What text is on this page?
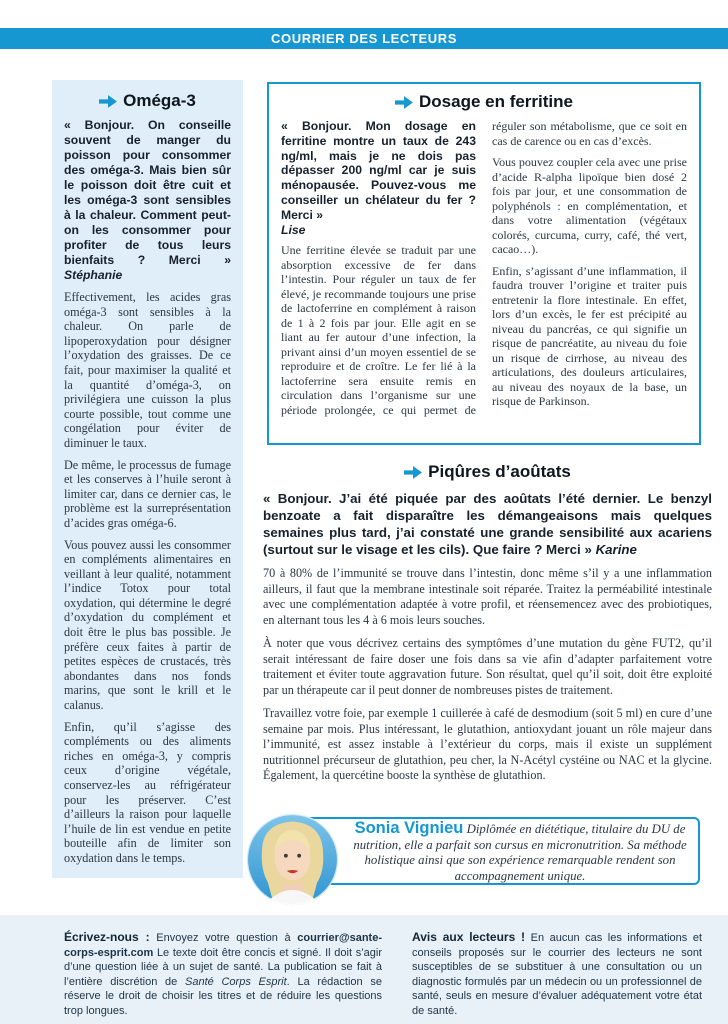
COURRIER DES LECTEURS
Oméga-3

« Bonjour. On conseille souvent de manger du poisson pour consommer des oméga-3. Mais bien sûr le poisson doit être cuit et les oméga-3 sont sensibles à la chaleur. Comment peut-on les consommer pour profiter de tous leurs bienfaits ? Merci » Stéphanie

Effectivement, les acides gras oméga-3 sont sensibles à la chaleur. On parle de lipoperoxydation pour désigner l’oxydation des graisses. De ce fait, pour maximiser la qualité et la quantité d’oméga-3, on privilégiera une cuisson la plus courte possible, tout comme une congélation pour éviter de diminuer le taux.

De même, le processus de fumage et les conserves à l’huile seront à limiter car, dans ce dernier cas, le problème est la surreprésentation d’acides gras oméga-6.

Vous pouvez aussi les consommer en compléments alimentaires en veillant à leur qualité, notamment l’indice Totox pour total oxydation, qui détermine le degré d’oxydation du complément et doit être le plus bas possible. Je préfère ceux faites à partir de petites espèces de crustacés, très abondantes dans nos fonds marins, que sont le krill et le calanus.

Enfin, qu’il s’agisse des compléments ou des aliments riches en oméga-3, y compris ceux d’origine végétale, conservez-les au réfrigérateur pour les préserver. C’est d’ailleurs la raison pour laquelle l’huile de lin est vendue en petite bouteille afin de limiter son oxydation dans le temps.

Dosage en ferritine

« Bonjour. Mon dosage en ferritine montre un taux de 243 ng/ml, mais je ne dois pas dépasser 200 ng/ml car je suis ménopausée. Pouvez-vous me conseiller un chélateur du fer ? Merci »
Lise

Une ferritine élevée se traduit par une absorption excessive de fer dans l’intestin. Pour réguler un taux de fer élevé, je recommande toujours une prise de lactoferrine en complément à raison de 1 à 2 fois par jour. Elle agit en se liant au fer autour d’une infection, la privant ainsi d’un moyen essentiel de se reproduire et de croître. Le fer lié à la lactoferrine sera ensuite remis en circulation dans l’organisme sur une période prolongée, ce qui permet de réguler son métabolisme, que ce soit en cas de carence ou en cas d’excès.

Vous pouvez coupler cela avec une prise d’acide R-alpha lipoïque bien dosé 2 fois par jour, et une consommation de polyphénols : en complémentation, et dans votre alimentation (végétaux colorés, curcuma, curry, café, thé vert, cacao…).

Enfin, s’agissant d’une inflammation, il faudra trouver l’origine et traiter puis entretenir la flore intestinale. En effet, lors d’un excès, le fer est précipité au niveau du pancréas, ce qui signifie un risque de pancréatite, au niveau du foie un risque de cirrhose, au niveau des articulations, des douleurs articulaires, au niveau des noyaux de la base, un risque de Parkinson.

Piqûres d’aoûtats

« Bonjour. J’ai été piquée par des aoûtats l’été dernier. Le benzyl benzoate a fait disparaître les démangeaisons mais quelques semaines plus tard, j’ai constaté une grande sensibilité aux acariens (surtout sur le visage et les cils). Que faire ? Merci » Karine

70 à 80% de l’immunité se trouve dans l’intestin, donc même s’il y a une inflammation ailleurs, il faut que la membrane intestinale soit réparée. Traitez la perméabilité intestinale avec une complémentation adaptée à votre profil, et réensemencez avec des probiotiques, en alternant tous les 4 à 6 mois leurs souches.

À noter que vous décrivez certains des symptômes d’une mutation du gène FUT2, qu’il serait intéressant de faire doser une fois dans sa vie afin d’adapter parfaitement votre traitement et éviter toute aggravation future. Son résultat, quel qu’il soit, doit être exploité par un thérapeute car il peut donner de nombreuses pistes de traitement.

Travaillez votre foie, par exemple 1 cuillerée à café de desmodium (soit 5 ml) en cure d’une semaine par mois. Plus intéressant, le glutathion, antioxydant jouant un rôle majeur dans l’immunité, est assez instable à l’extérieur du corps, mais il existe un supplément nutritionnel précurseur de glutathion, peu cher, la N-Acétyl cystéine ou NAC et la glycine. Également, la quercétine booste la synthèse de glutathion.

Sonia Vignieu Diplômée en diététique, titulaire du DU de nutrition, elle a parfait son cursus en micronutrition. Sa méthode holistique ainsi que son expérience remarquable rendent son accompagnement unique.

Écrivez-nous : Envoyez votre question à courrier@sante-corps-esprit.com Le texte doit être concis et signé. Il doit s’agir d’une question liée à un sujet de santé. La publication se fait à l’entière discrétion de Santé Corps Esprit. La rédaction se réserve le droit de choisir les titres et de réduire les questions trop longues.

Avis aux lecteurs ! En aucun cas les informations et conseils proposés sur le courrier des lecteurs ne sont susceptibles de se substituer à une consultation ou un diagnostic formulés par un médecin ou un professionnel de santé, seuls en mesure d’évaluer adéquatement votre état de santé.
